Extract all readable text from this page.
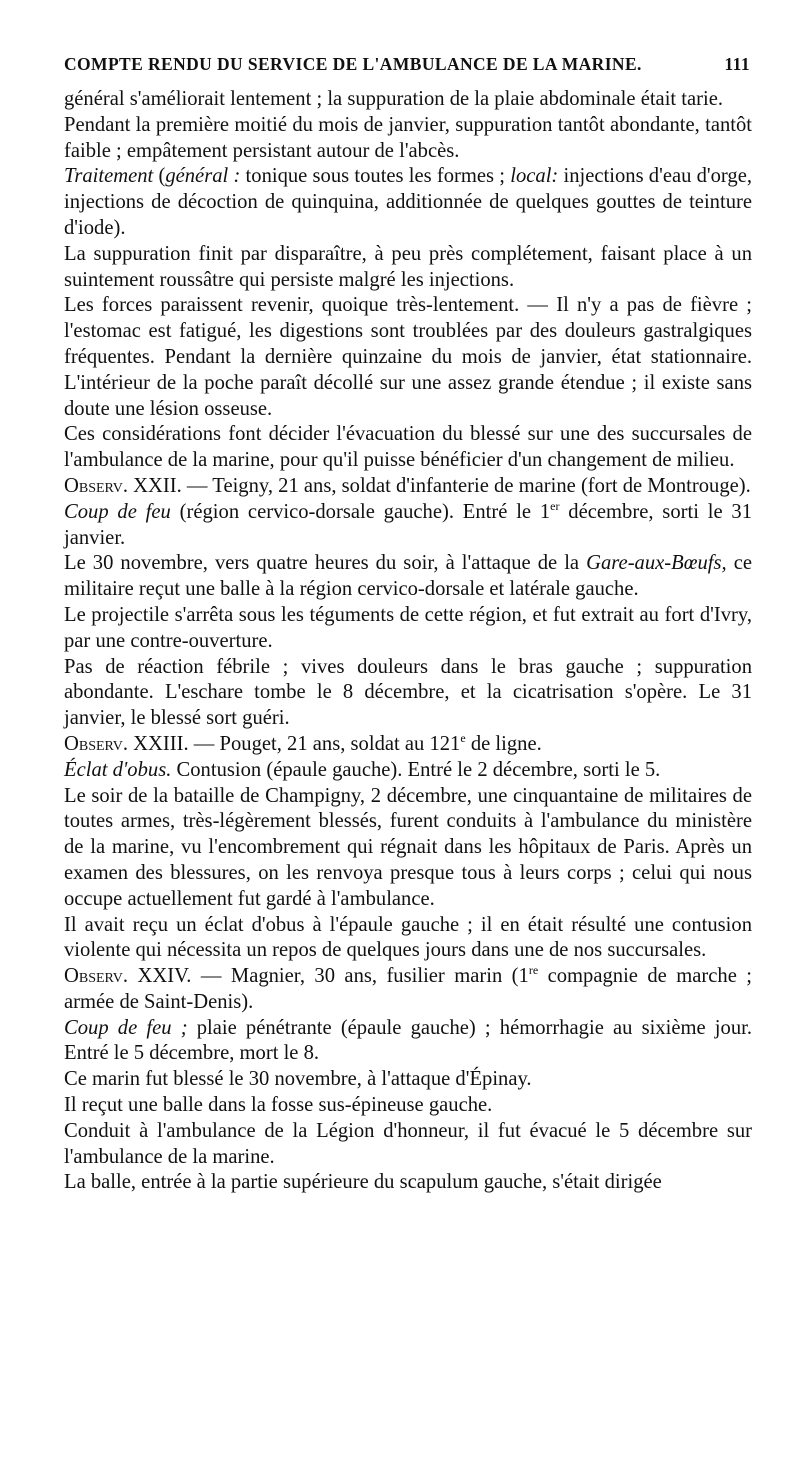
COMPTE RENDU DU SERVICE DE L'AMBULANCE DE LA MARINE.	111

général s'améliorait lentement ; la suppuration de la plaie abdominale était tarie.

Pendant la première moitié du mois de janvier, suppuration tantôt abondante, tantôt faible ; empâtement persistant autour de l'abcès.

Traitement (général : tonique sous toutes les formes ; local: injections d'eau d'orge, injections de décoction de quinquina, additionnée de quelques gouttes de teinture d'iode).

La suppuration finit par disparaître, à peu près complétement, faisant place à un suintement roussâtre qui persiste malgré les injections.

Les forces paraissent revenir, quoique très-lentement. — Il n'y a pas de fièvre ; l'estomac est fatigué, les digestions sont troublées par des douleurs gastralgiques fréquentes. Pendant la dernière quinzaine du mois de janvier, état stationnaire. L'intérieur de la poche paraît décollé sur une assez grande étendue ; il existe sans doute une lésion osseuse.

Ces considérations font décider l'évacuation du blessé sur une des succursales de l'ambulance de la marine, pour qu'il puisse bénéficier d'un changement de milieu.

Observ. XXII. — Teigny, 21 ans, soldat d'infanterie de marine (fort de Montrouge).

Coup de feu (région cervico-dorsale gauche). Entré le 1er décembre, sorti le 31 janvier.

Le 30 novembre, vers quatre heures du soir, à l'attaque de la Gare-aux-Bœufs, ce militaire reçut une balle à la région cervico-dorsale et latérale gauche.

Le projectile s'arrêta sous les téguments de cette région, et fut extrait au fort d'Ivry, par une contre-ouverture.

Pas de réaction fébrile ; vives douleurs dans le bras gauche ; suppuration abondante. L'eschare tombe le 8 décembre, et la cicatrisation s'opère. Le 31 janvier, le blessé sort guéri.

Observ. XXIII. — Pouget, 21 ans, soldat au 121e de ligne.

Éclat d'obus. Contusion (épaule gauche). Entré le 2 décembre, sorti le 5.

Le soir de la bataille de Champigny, 2 décembre, une cinquantaine de militaires de toutes armes, très-légèrement blessés, furent conduits à l'ambulance du ministère de la marine, vu l'encombrement qui régnait dans les hôpitaux de Paris. Après un examen des blessures, on les renvoya presque tous à leurs corps ; celui qui nous occupe actuellement fut gardé à l'ambulance.

Il avait reçu un éclat d'obus à l'épaule gauche ; il en était résulté une contusion violente qui nécessita un repos de quelques jours dans une de nos succursales.

Observ. XXIV. — Magnier, 30 ans, fusilier marin (1re compagnie de marche ; armée de Saint-Denis).

Coup de feu ; plaie pénétrante (épaule gauche) ; hémorrhagie au sixième jour. Entré le 5 décembre, mort le 8.

Ce marin fut blessé le 30 novembre, à l'attaque d'Épinay.

Il reçut une balle dans la fosse sus-épineuse gauche.

Conduit à l'ambulance de la Légion d'honneur, il fut évacué le 5 décembre sur l'ambulance de la marine.

La balle, entrée à la partie supérieure du scapulum gauche, s'était dirigée
